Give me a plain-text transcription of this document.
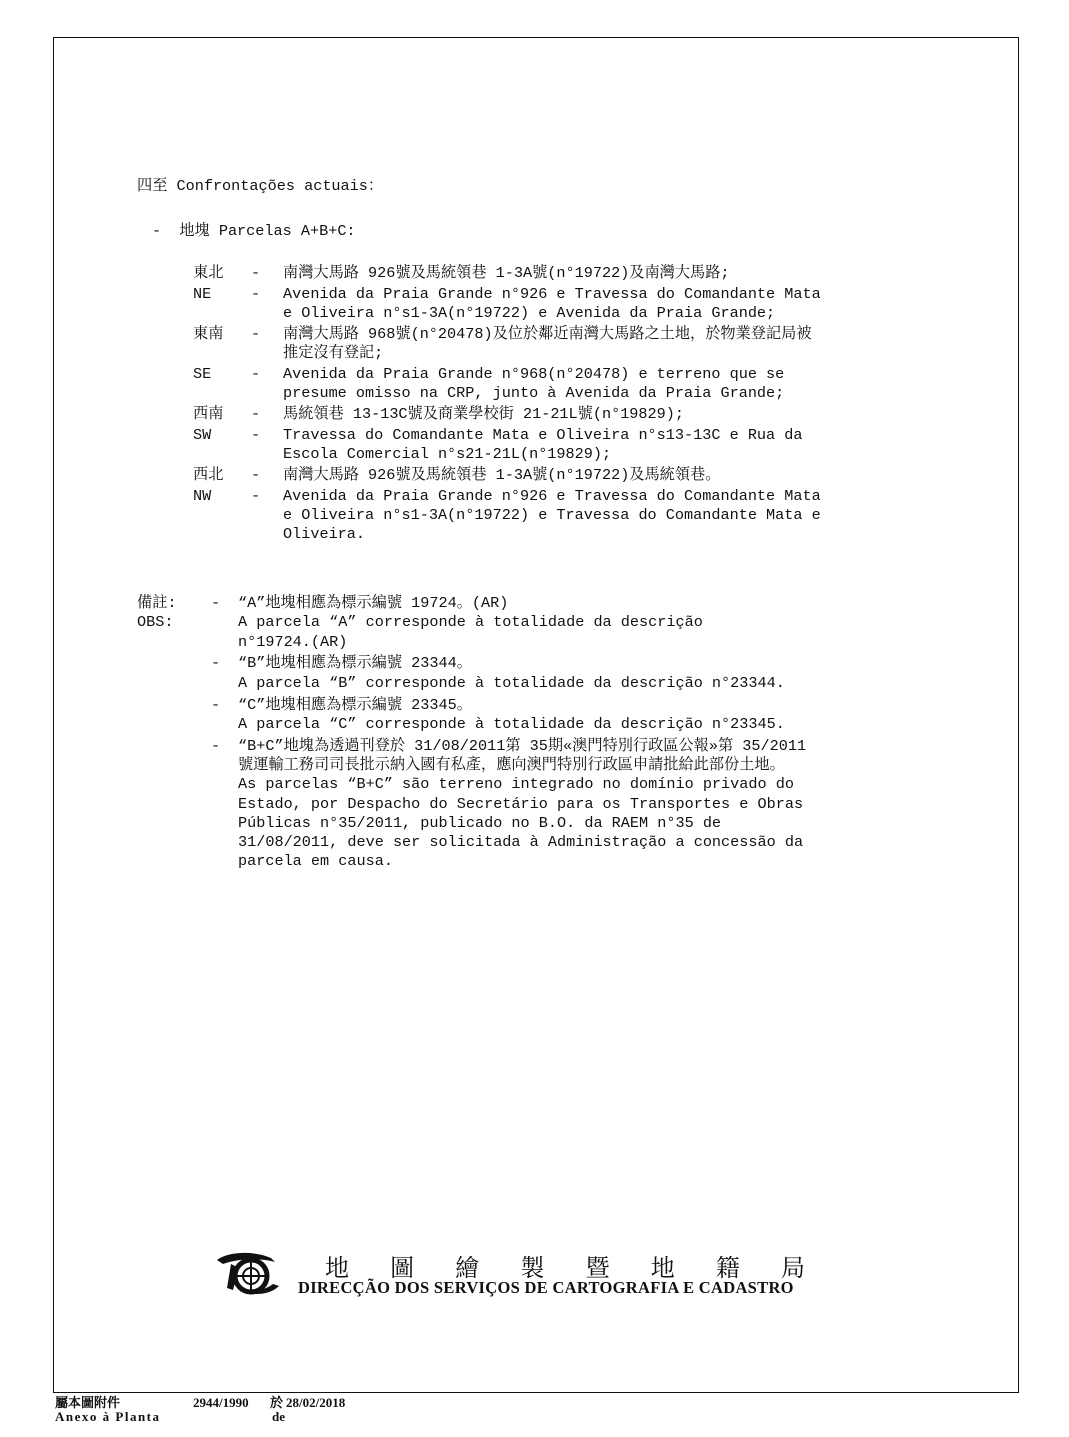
四至 Confrontações actuais：
-  地塊 Parcelas A+B+C:
東北 - 南灣大馬路 926號及馬統領巷 1-3A號(n°19722)及南灣大馬路;
NE	- Avenida da Praia Grande n°926 e Travessa do Comandante Mata
e Oliveira n°s1-3A(n°19722) e Avenida da Praia Grande;
東南 - 南灣大馬路 968號(n°20478)及位於鄰近南灣大馬路之土地，於物業登記局被
推定沒有登記;
SE	- Avenida da Praia Grande n°968(n°20478) e terreno que se
presume omisso na CRP, junto à Avenida da Praia Grande;
西南 - 馬統領巷 13-13C號及商業學校街 21-21L號(n°19829);
SW	- Travessa do Comandante Mata e Oliveira n°s13-13C e Rua da
Escola Comercial n°s21-21L(n°19829);
西北 - 南灣大馬路 926號及馬統領巷 1-3A號(n°19722)及馬統領巷。
NW	- Avenida da Praia Grande n°926 e Travessa do Comandante Mata
e Oliveira n°s1-3A(n°19722) e Travessa do Comandante Mata e
Oliveira.
備註:
OBS:
- “A”地塊相應為標示編號 19724。(AR)
A parcela “A” corresponde à totalidade da descrição
n°19724.(AR)
- “B”地塊相應為標示編號 23344。
A parcela “B” corresponde à totalidade da descrição n°23344.
- “C”地塊相應為標示編號 23345。
A parcela “C” corresponde à totalidade da descrição n°23345.
- “B+C”地塊為透過刊登於 31/08/2011第 35期«澳門特別行政區公報»第 35/2011
號運輸工務司司長批示納入國有私產，應向澳門特別行政區申請批給此部份土地。
As parcelas “B+C” são terreno integrado no domínio privado do
Estado, por Despacho do Secretário para os Transportes e Obras
Públicas n°35/2011, publicado no B.O. da RAEM n°35 de
31/08/2011, deve ser solicitada à Administração a concessão da
parcela em causa.
地 圖 繪 製 暨 地 籍 局
DIRECÇÃO DOS SERVIÇOS DE CARTOGRAFIA E CADASTRO
屬本圖附件
Anexo à Planta
2944/1990 於 28/02/2018
de
